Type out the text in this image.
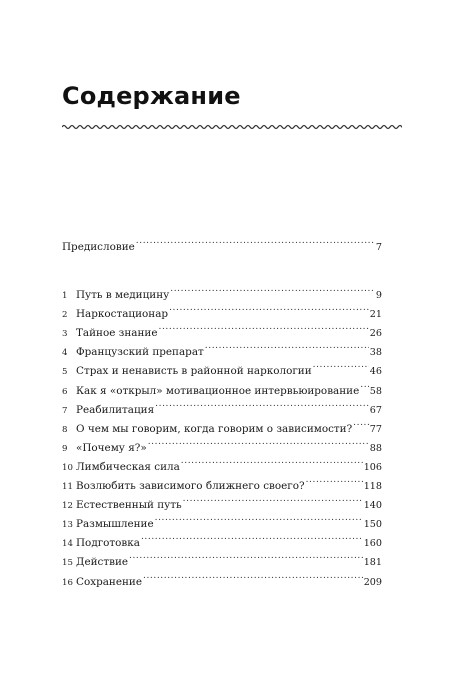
Содержание
Предисловие .....	7
1 Путь в медицину .....	9
2 Наркостационар .....	21
3 Тайное знание .....	26
4 Французский препарат .....	38
5 Страх и ненависть в районной наркологии .....	46
6 Как я «открыл» мотивационное интервьюирование ..... 58
7 Реабилитация .....	67
8 О чем мы говорим, когда говорим о зависимости? ..... 77
9 «Почему я?» .....	88
10 Лимбическая сила .....	106
11 Возлюбить зависимого ближнего своего? .....	118
12 Естественный путь .....	140
13 Размышление .....	150
14 Подготовка .....	160
15 Действие .....	181
16 Сохранение .....	209
